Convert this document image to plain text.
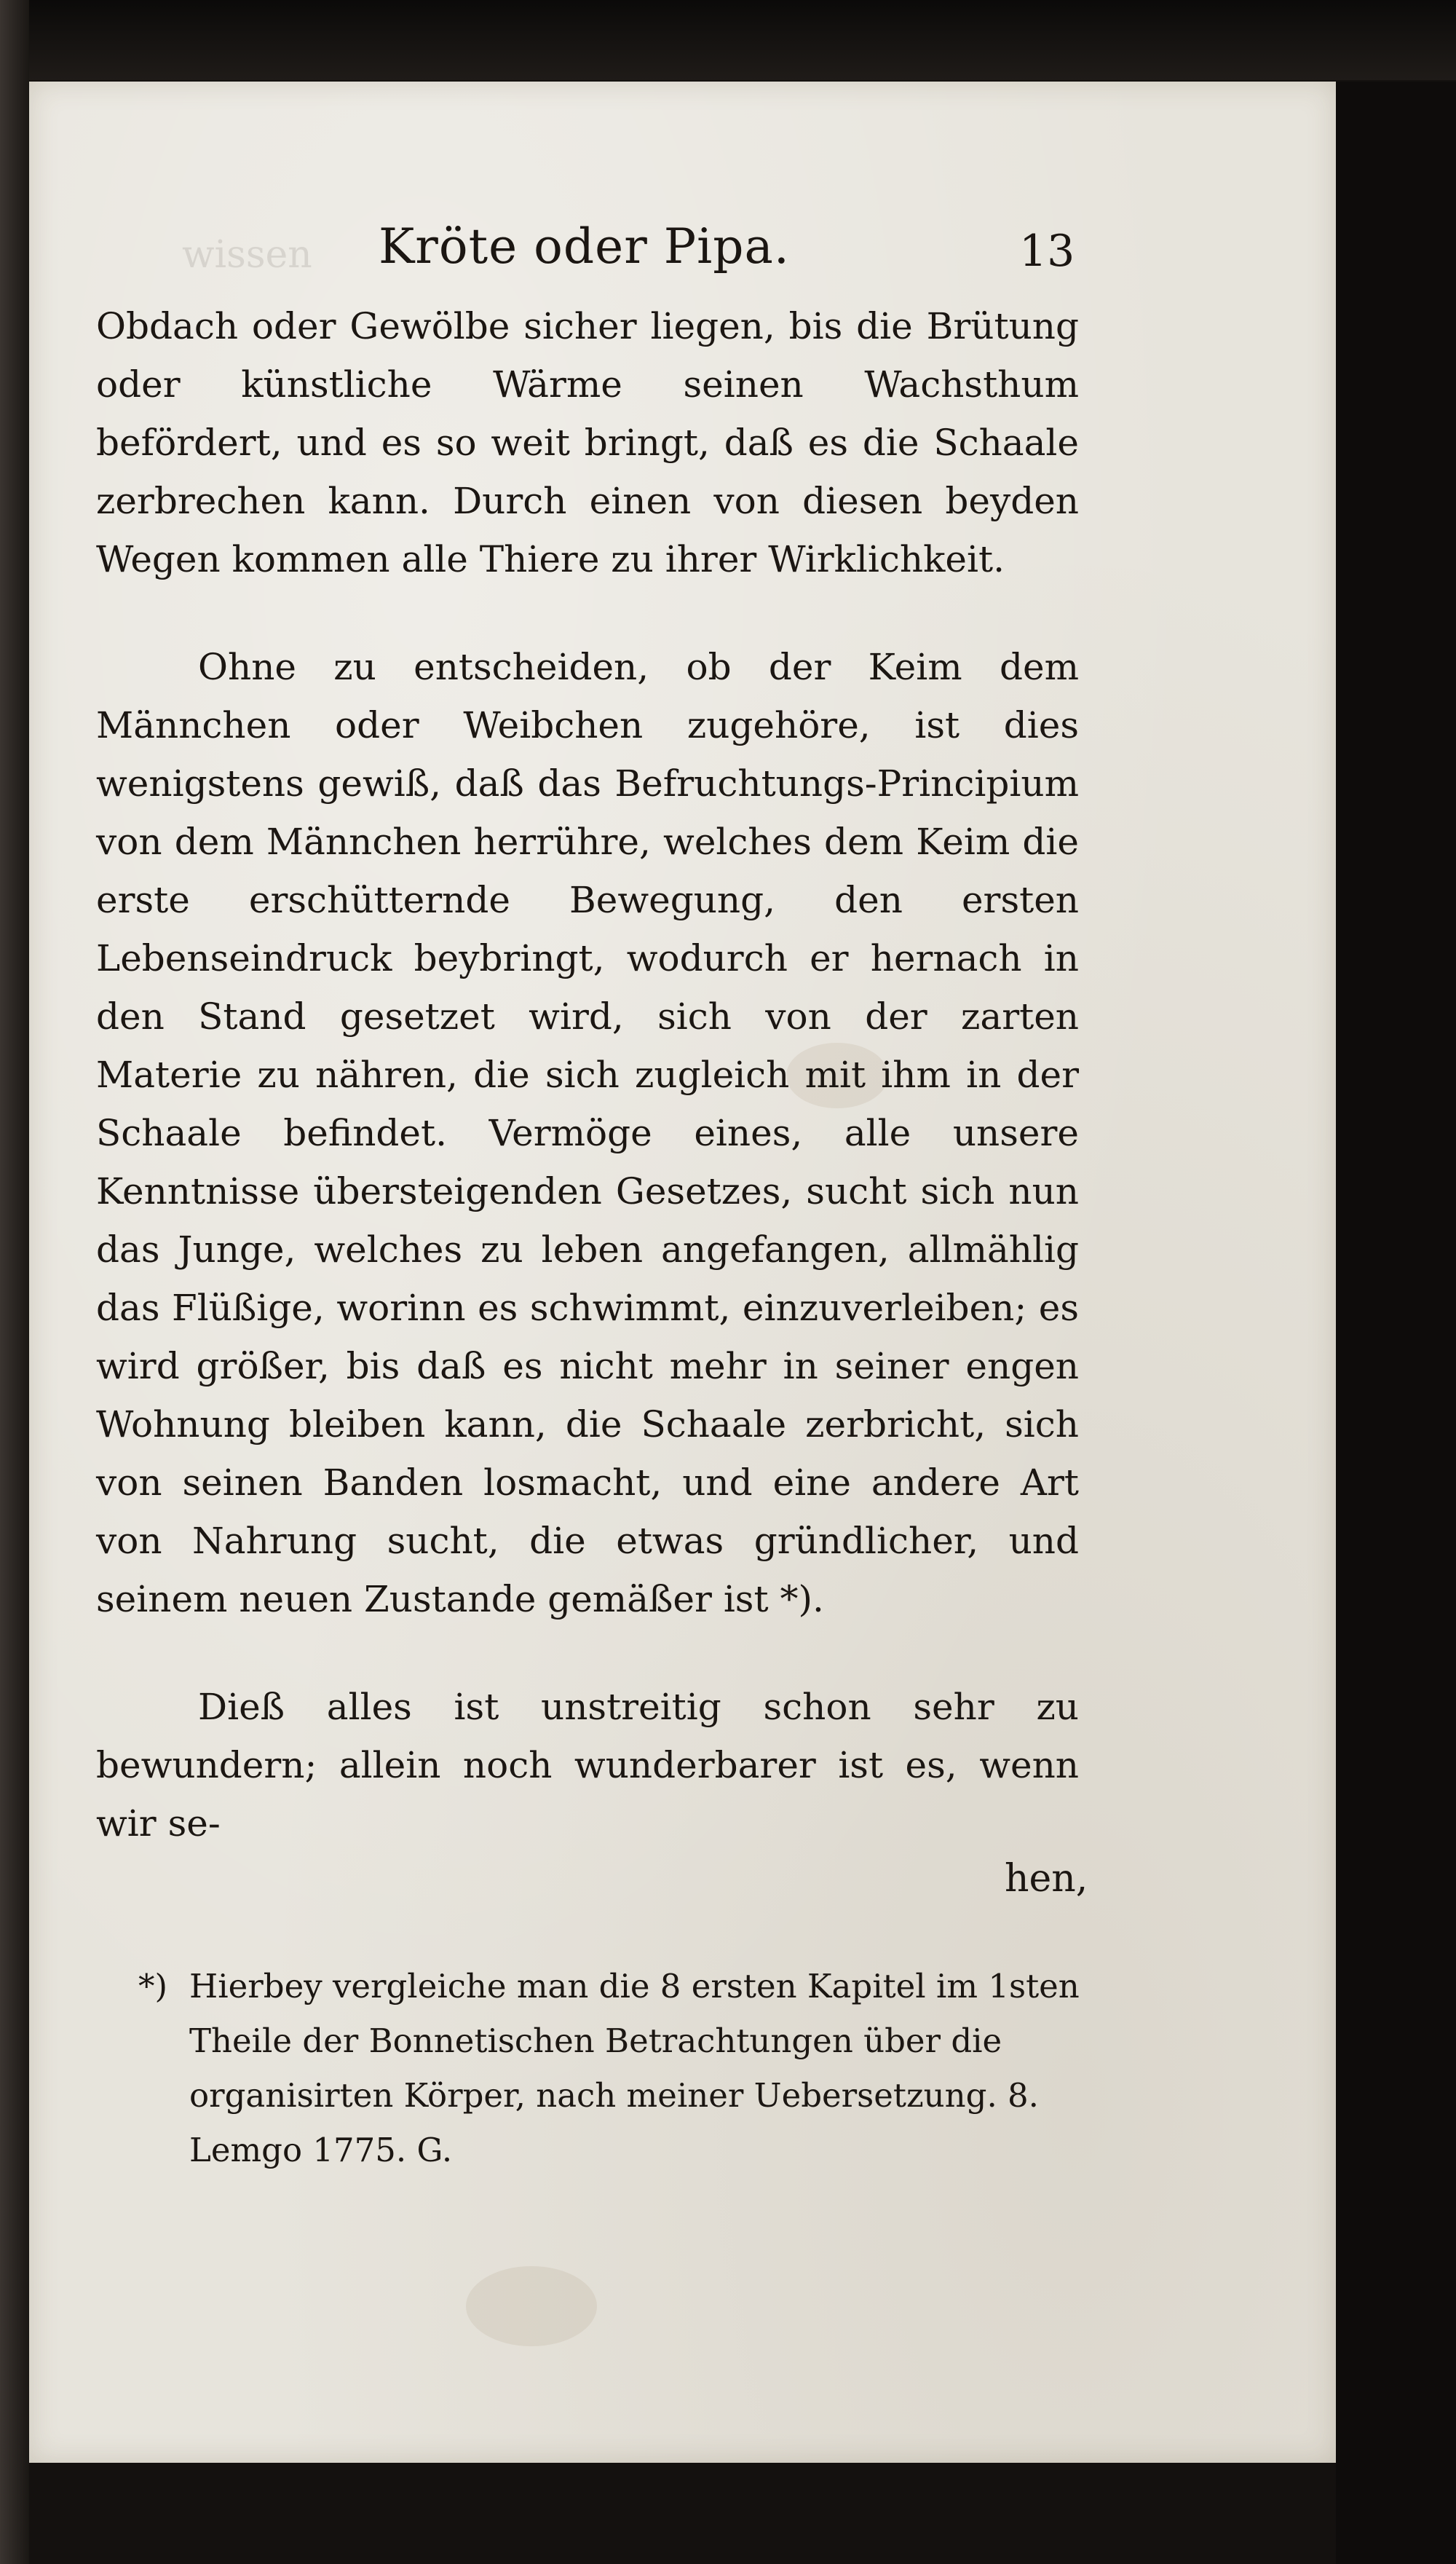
wissen Kröte oder Pipa.	13

Obdach oder Gewölbe sicher liegen, bis die Brütung oder künstliche Wärme seinen Wachsthum befördert, und es so weit bringt, daß es die Schaale zerbrechen kann. Durch einen von diesen beyden Wegen kommen alle Thiere zu ihrer Wirklichkeit.

Ohne zu entscheiden, ob der Keim dem Männchen oder Weibchen zugehöre, ist dies wenigstens gewiß, daß das Befruchtungs-Principium von dem Männchen herrühre, welches dem Keim die erste erschütternde Bewegung, den ersten Lebenseindruck beybringt, wodurch er hernach in den Stand gesetzet wird, sich von der zarten Materie zu nähren, die sich zugleich mit ihm in der Schaale befindet. Vermöge eines, alle unsere Kenntnisse übersteigenden Gesetzes, sucht sich nun das Junge, welches zu leben angefangen, allmählig das Flüßige, worinn es schwimmt, einzuverleiben; es wird größer, bis daß es nicht mehr in seiner engen Wohnung bleiben kann, die Schaale zerbricht, sich von seinen Banden losmacht, und eine andere Art von Nahrung sucht, die etwas gründlicher, und seinem neuen Zustande gemäßer ist *).

Dieß alles ist unstreitig schon sehr zu bewundern; allein noch wunderbarer ist es, wenn wir se-

hen,
*) Hierbey vergleiche man die 8 ersten Kapitel im 1sten Theile der Bonnetischen Betrachtungen über die organisirten Körper, nach meiner Uebersetzung. 8. Lemgo 1775. G.
